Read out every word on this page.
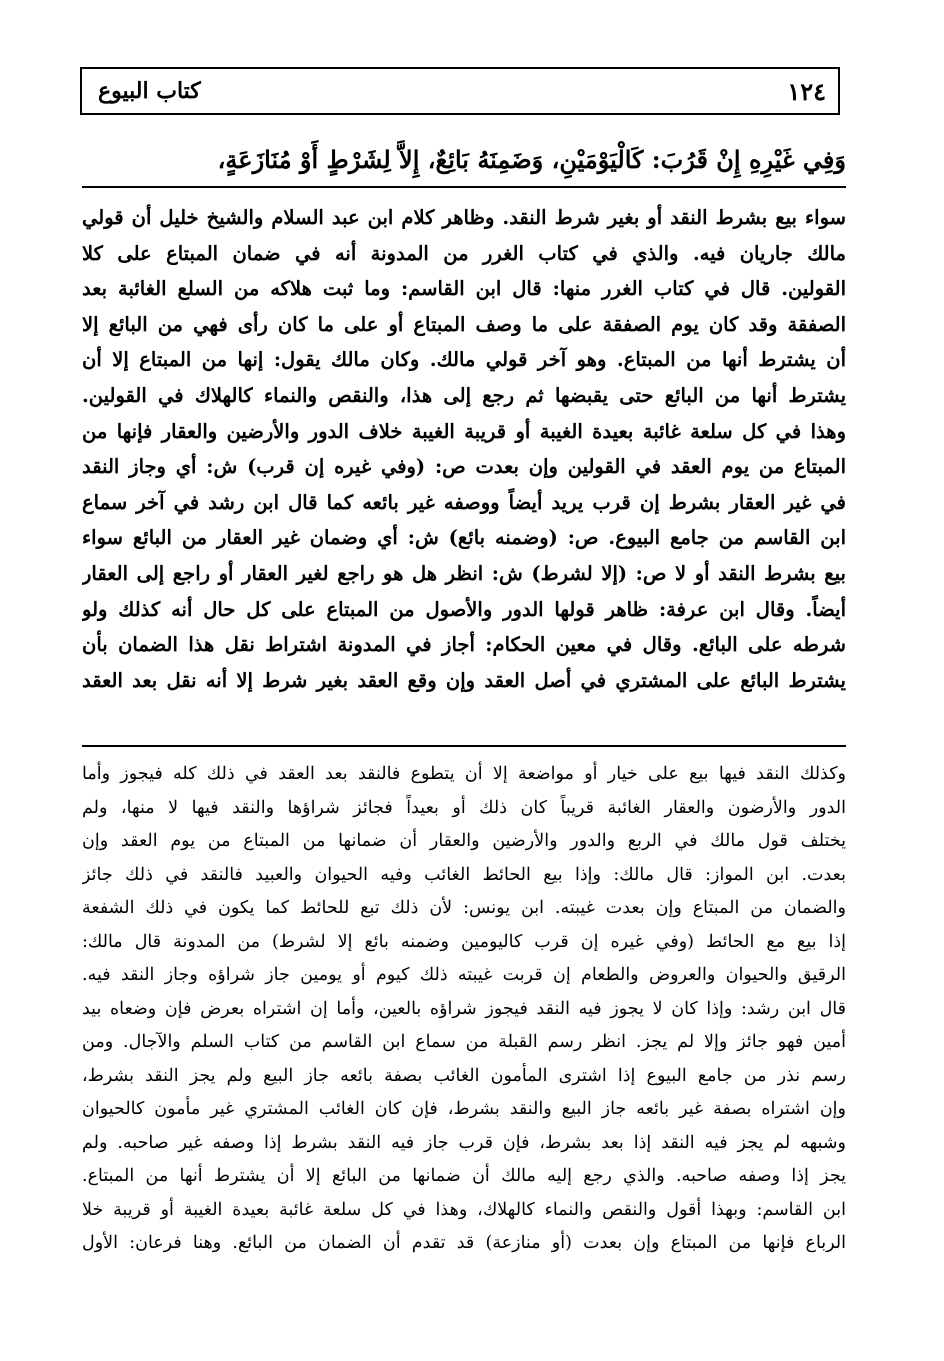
١٢٤
كتاب البيوع
وَفِي غَيْرِهِ إِنْ قَرُبَ: كَالْيَوْمَيْنِ، وَضَمِنَهُ بَائِعٌ، إِلاَّ لِشَرْطٍ أَوْ مُنَازَعَةٍ،
سواء بيع بشرط النقد أو بغير شرط النقد. وظاهر كلام ابن عبد السلام والشيخ خليل أن قولي
مالك جاريان فيه. والذي في كتاب الغرر من المدونة أنه في ضمان المبتاع على كلا
القولين. قال في كتاب الغرر منها: قال ابن القاسم: وما ثبت هلاكه من السلع الغائبة بعد
الصفقة وقد كان يوم الصفقة على ما وصف المبتاع أو على ما كان رأى فهي من البائع إلا
أن يشترط أنها من المبتاع. وهو آخر قولي مالك. وكان مالك يقول: إنها من المبتاع إلا أن
يشترط أنها من البائع حتى يقبضها ثم رجع إلى هذا، والنقص والنماء كالهلاك في القولين.
وهذا في كل سلعة غائبة بعيدة الغيبة أو قريبة الغيبة خلاف الدور والأرضين والعقار فإنها من
المبتاع من يوم العقد في القولين وإن بعدت ص: (وفي غيره إن قرب) ش: أي وجاز النقد
في غير العقار بشرط إن قرب يريد أيضاً ووصفه غير بائعه كما قال ابن رشد في آخر سماع
ابن القاسم من جامع البيوع. ص: (وضمنه بائع) ش: أي وضمان غير العقار من البائع سواء
بيع بشرط النقد أو لا ص: (إلا لشرط) ش: انظر هل هو راجع لغير العقار أو راجع إلى العقار
أيضاً. وقال ابن عرفة: ظاهر قولها الدور والأصول من المبتاع على كل حال أنه كذلك ولو
شرطه على البائع. وقال في معين الحكام: أجاز في المدونة اشتراط نقل هذا الضمان بأن
يشترط البائع على المشتري في أصل العقد وإن وقع العقد بغير شرط إلا أنه نقل بعد العقد
وكذلك النقد فيها بيع على خيار أو مواضعة إلا أن يتطوع فالنقد بعد العقد في ذلك كله فيجوز وأما
الدور والأرضون والعقار الغائبة قريباً كان ذلك أو بعيداً فجائز شراؤها والنقد فيها لا منها، ولم
يختلف قول مالك في الربع والدور والأرضين والعقار أن ضمانها من المبتاع من يوم العقد وإن
بعدت. ابن المواز: قال مالك: وإذا بيع الحائط الغائب وفيه الحيوان والعبيد فالنقد في ذلك جائز
والضمان من المبتاع وإن بعدت غيبته. ابن يونس: لأن ذلك تبع للحائط كما يكون في ذلك الشفعة
إذا بيع مع الحائط (وفي غيره إن قرب كاليومين وضمنه بائع إلا لشرط) من المدونة قال مالك:
الرقيق والحيوان والعروض والطعام إن قربت غيبته ذلك كيوم أو يومين جاز شراؤه وجاز النقد فيه.
قال ابن رشد: وإذا كان لا يجوز فيه النقد فيجوز شراؤه بالعين، وأما إن اشتراه بعرض فإن وضعاه بيد
أمين فهو جائز وإلا لم يجز. انظر رسم القبلة من سماع ابن القاسم من كتاب السلم والآجال. ومن
رسم نذر من جامع البيوع إذا اشترى المأمون الغائب بصفة بائعه جاز البيع ولم يجز النقد بشرط،
وإن اشتراه بصفة غير بائعه جاز البيع والنقد بشرط، فإن كان الغائب المشتري غير مأمون كالحيوان
وشبهه لم يجز فيه النقد إذا بعد بشرط، فإن قرب جاز فيه النقد بشرط إذا وصفه غير صاحبه. ولم
يجز إذا وصفه صاحبه. والذي رجع إليه مالك أن ضمانها من البائع إلا أن يشترط أنها من المبتاع.
ابن القاسم: وبهذا أقول والنقص والنماء كالهلاك، وهذا في كل سلعة غائبة بعيدة الغيبة أو قريبة خلا
الرباع فإنها من المبتاع وإن بعدت (أو منازعة) قد تقدم أن الضمان من البائع. وهنا فرعان: الأول
